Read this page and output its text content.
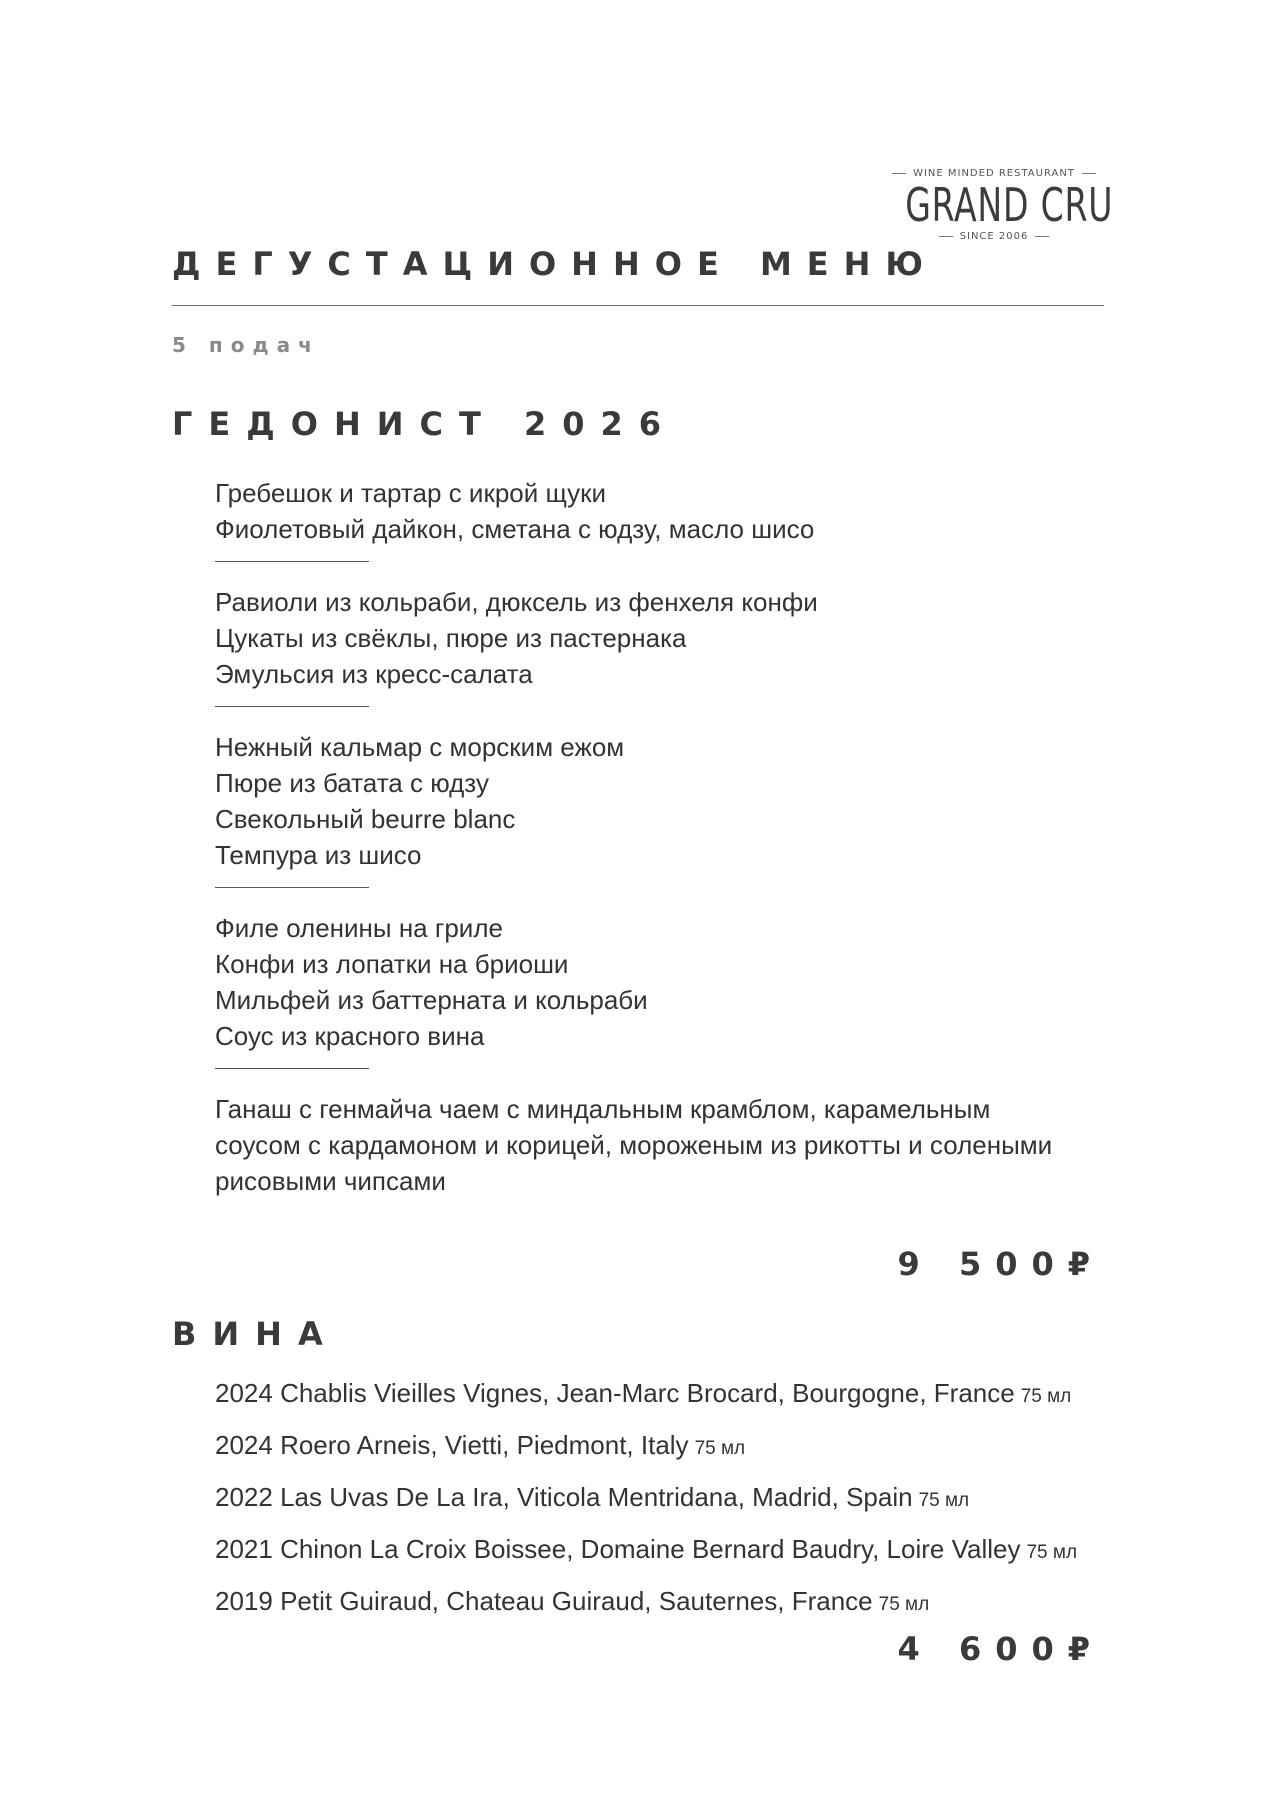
WINE MINDED RESTAURANT
GRAND CRU
SINCE 2006
ДЕГУСТАЦИОННОЕ МЕНЮ
5 подач
ГЕДОНИСТ 2026
Гребешок и тартар с икрой щуки
Фиолетовый дайкон, сметана с юдзу, масло шисо
Равиоли из кольраби, дюксель из фенхеля конфи
Цукаты из свёклы, пюре из пастернака
Эмульсия из кресс-салата
Нежный кальмар с морским ежом
Пюре из батата с юдзу
Свекольный beurre blanc
Темпура из шисо
Филе оленины на гриле
Конфи из лопатки на бриоши
Мильфей из баттерната и кольраби
Соус из красного вина
Ганаш с генмайча чаем с миндальным крамблом, карамельным
соусом с кардамоном и корицей, мороженым из рикотты и солеными
рисовыми чипсами
9 500₽
ВИНА
2024 Chablis Vieilles Vignes, Jean-Marc Brocard, Bourgogne, France 75 мл
2024 Roero Arneis, Vietti, Piedmont, Italy 75 мл
2022 Las Uvas De La Ira, Viticola Mentridana, Madrid, Spain 75 мл
2021 Chinon La Croix Boissee, Domaine Bernard Baudry, Loire Valley 75 мл
2019 Petit Guiraud, Chateau Guiraud, Sauternes, France 75 мл
4 600₽
